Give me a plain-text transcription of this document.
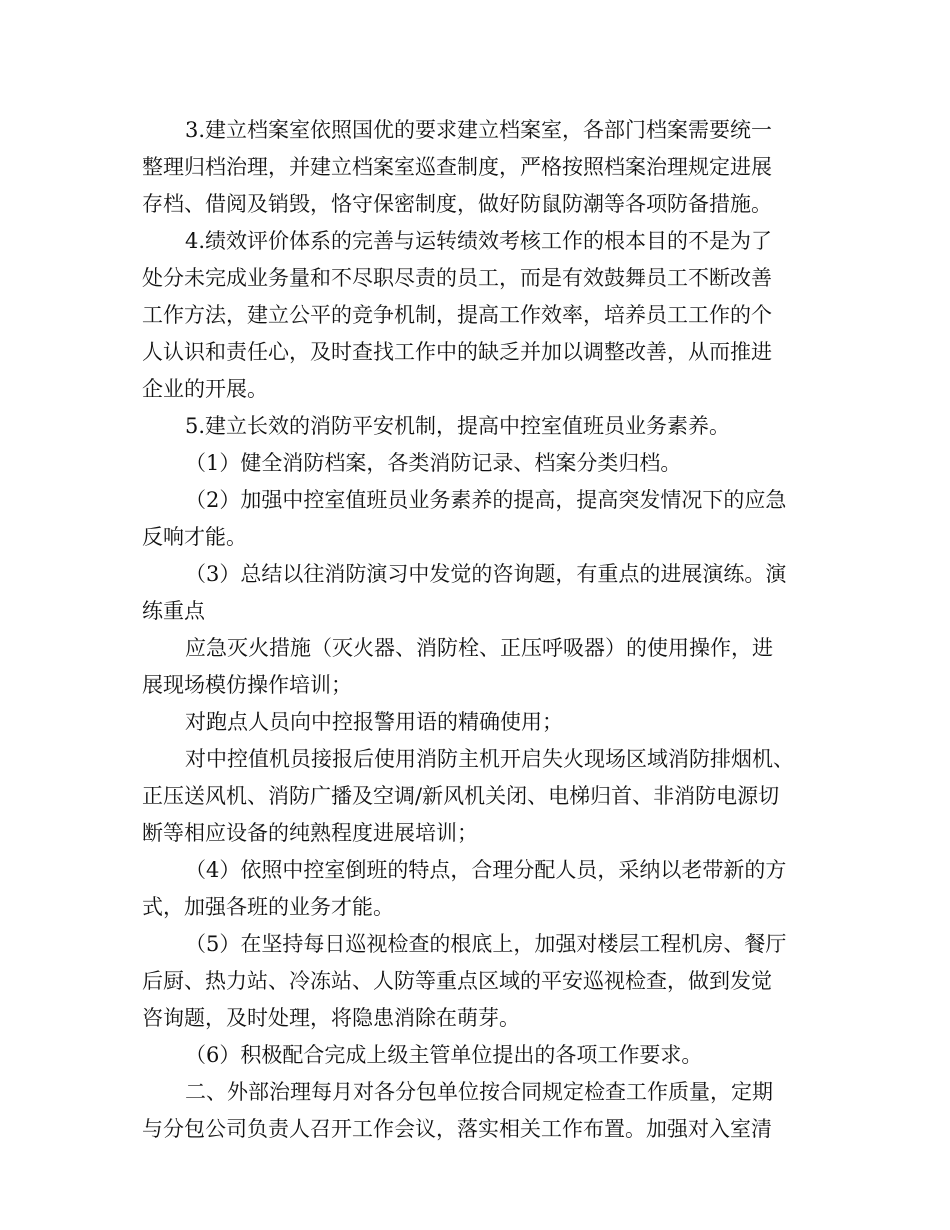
3.建立档案室依照国优的要求建立档案室，各部门档案需要统一
整理归档治理，并建立档案室巡查制度，严格按照档案治理规定进展
存档、借阅及销毁，恪守保密制度，做好防鼠防潮等各项防备措施。
4.绩效评价体系的完善与运转绩效考核工作的根本目的不是为了
处分未完成业务量和不尽职尽责的员工，而是有效鼓舞员工不断改善
工作方法，建立公平的竞争机制，提高工作效率，培养员工工作的个
人认识和责任心，及时查找工作中的缺乏并加以调整改善，从而推进
企业的开展。
5.建立长效的消防平安机制，提高中控室值班员业务素养。
（1）健全消防档案，各类消防记录、档案分类归档。
（2）加强中控室值班员业务素养的提高，提高突发情况下的应急
反响才能。
（3）总结以往消防演习中发觉的咨询题，有重点的进展演练。演
练重点
应急灭火措施（灭火器、消防栓、正压呼吸器）的使用操作，进
展现场模仿操作培训；
对跑点人员向中控报警用语的精确使用；
对中控值机员接报后使用消防主机开启失火现场区域消防排烟机、
正压送风机、消防广播及空调/新风机关闭、电梯归首、非消防电源切
断等相应设备的纯熟程度进展培训；
（4）依照中控室倒班的特点，合理分配人员，采纳以老带新的方
式，加强各班的业务才能。
（5）在坚持每日巡视检查的根底上，加强对楼层工程机房、餐厅
后厨、热力站、冷冻站、人防等重点区域的平安巡视检查，做到发觉
咨询题，及时处理，将隐患消除在萌芽。
（6）积极配合完成上级主管单位提出的各项工作要求。
二、外部治理每月对各分包单位按合同规定检查工作质量，定期
与分包公司负责人召开工作会议，落实相关工作布置。加强对入室清
